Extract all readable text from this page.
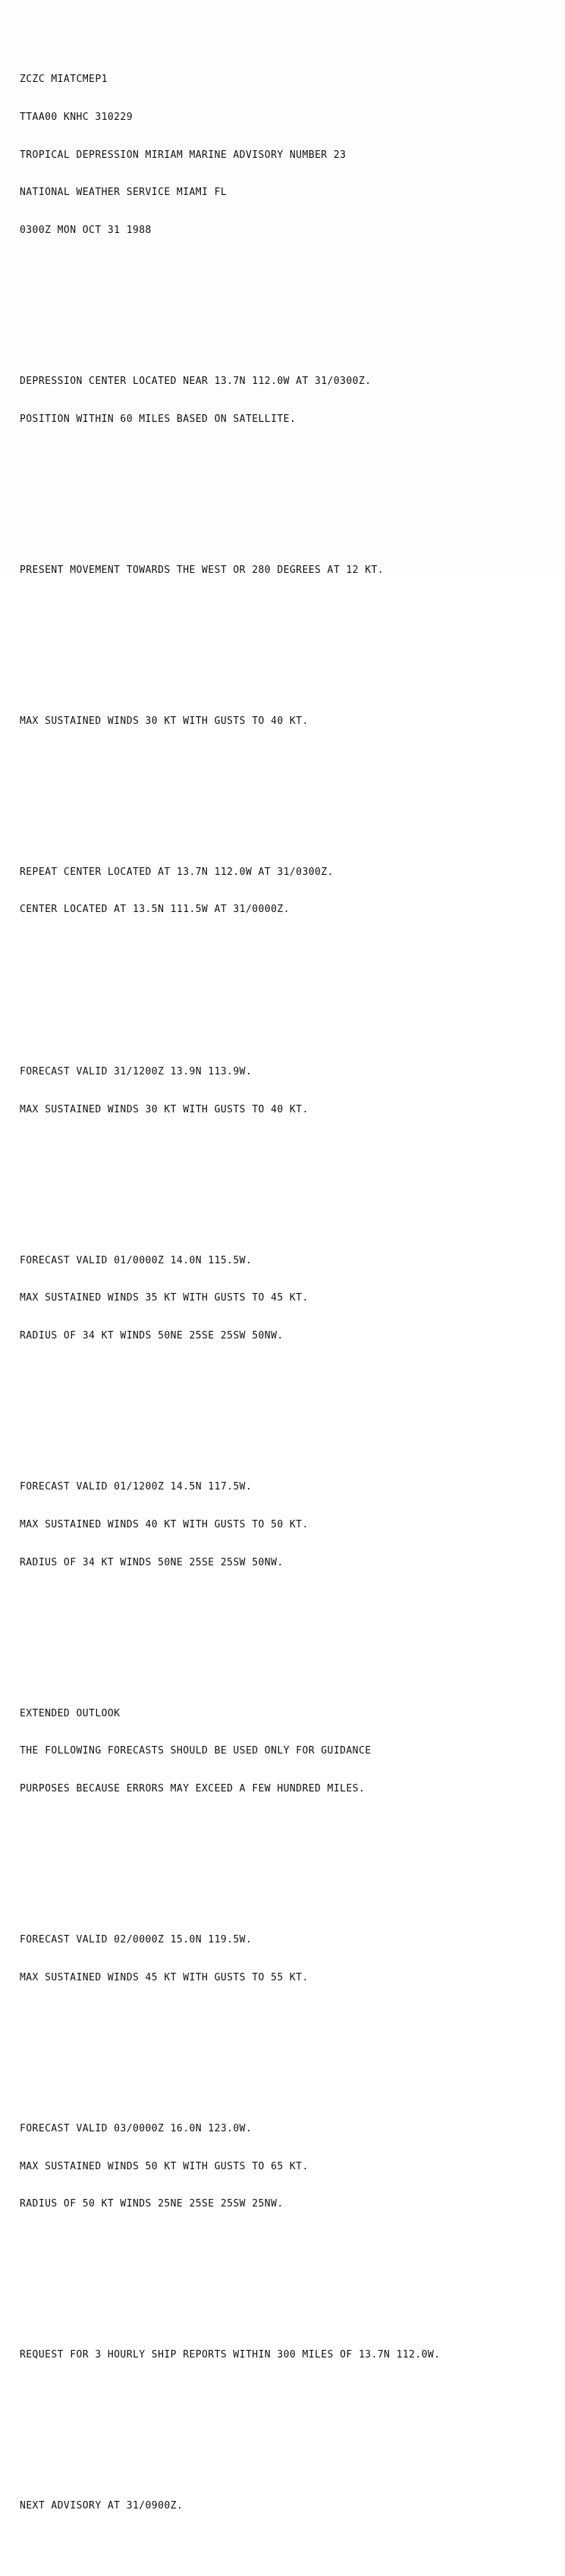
ZCZC MIATCMEP1

TTAA00 KNHC 310229

TROPICAL DEPRESSION MIRIAM MARINE ADVISORY NUMBER 23

NATIONAL WEATHER SERVICE MIAMI FL

0300Z MON OCT 31 1988

DEPRESSION CENTER LOCATED NEAR 13.7N 112.0W AT 31/0300Z.

POSITION WITHIN 60 MILES BASED ON SATELLITE.

PRESENT MOVEMENT TOWARDS THE WEST OR 280 DEGREES AT 12 KT.

MAX SUSTAINED WINDS 30 KT WITH GUSTS TO 40 KT.

REPEAT CENTER LOCATED AT 13.7N 112.0W AT 31/0300Z.

CENTER LOCATED AT 13.5N 111.5W AT 31/0000Z.

FORECAST VALID 31/1200Z 13.9N 113.9W.

MAX SUSTAINED WINDS 30 KT WITH GUSTS TO 40 KT.

FORECAST VALID 01/0000Z 14.0N 115.5W.

MAX SUSTAINED WINDS 35 KT WITH GUSTS TO 45 KT.

RADIUS OF 34 KT WINDS 50NE 25SE 25SW 50NW.

FORECAST VALID 01/1200Z 14.5N 117.5W.

MAX SUSTAINED WINDS 40 KT WITH GUSTS TO 50 KT.

RADIUS OF 34 KT WINDS 50NE 25SE 25SW 50NW.

EXTENDED OUTLOOK

THE FOLLOWING FORECASTS SHOULD BE USED ONLY FOR GUIDANCE

PURPOSES BECAUSE ERRORS MAY EXCEED A FEW HUNDRED MILES.

FORECAST VALID 02/0000Z 15.0N 119.5W.

MAX SUSTAINED WINDS 45 KT WITH GUSTS TO 55 KT.

FORECAST VALID 03/0000Z 16.0N 123.0W.

MAX SUSTAINED WINDS 50 KT WITH GUSTS TO 65 KT.

RADIUS OF 50 KT WINDS 25NE 25SE 25SW 25NW.

REQUEST FOR 3 HOURLY SHIP REPORTS WITHIN 300 MILES OF 13.7N 112.0W.

NEXT ADVISORY AT 31/0900Z.
